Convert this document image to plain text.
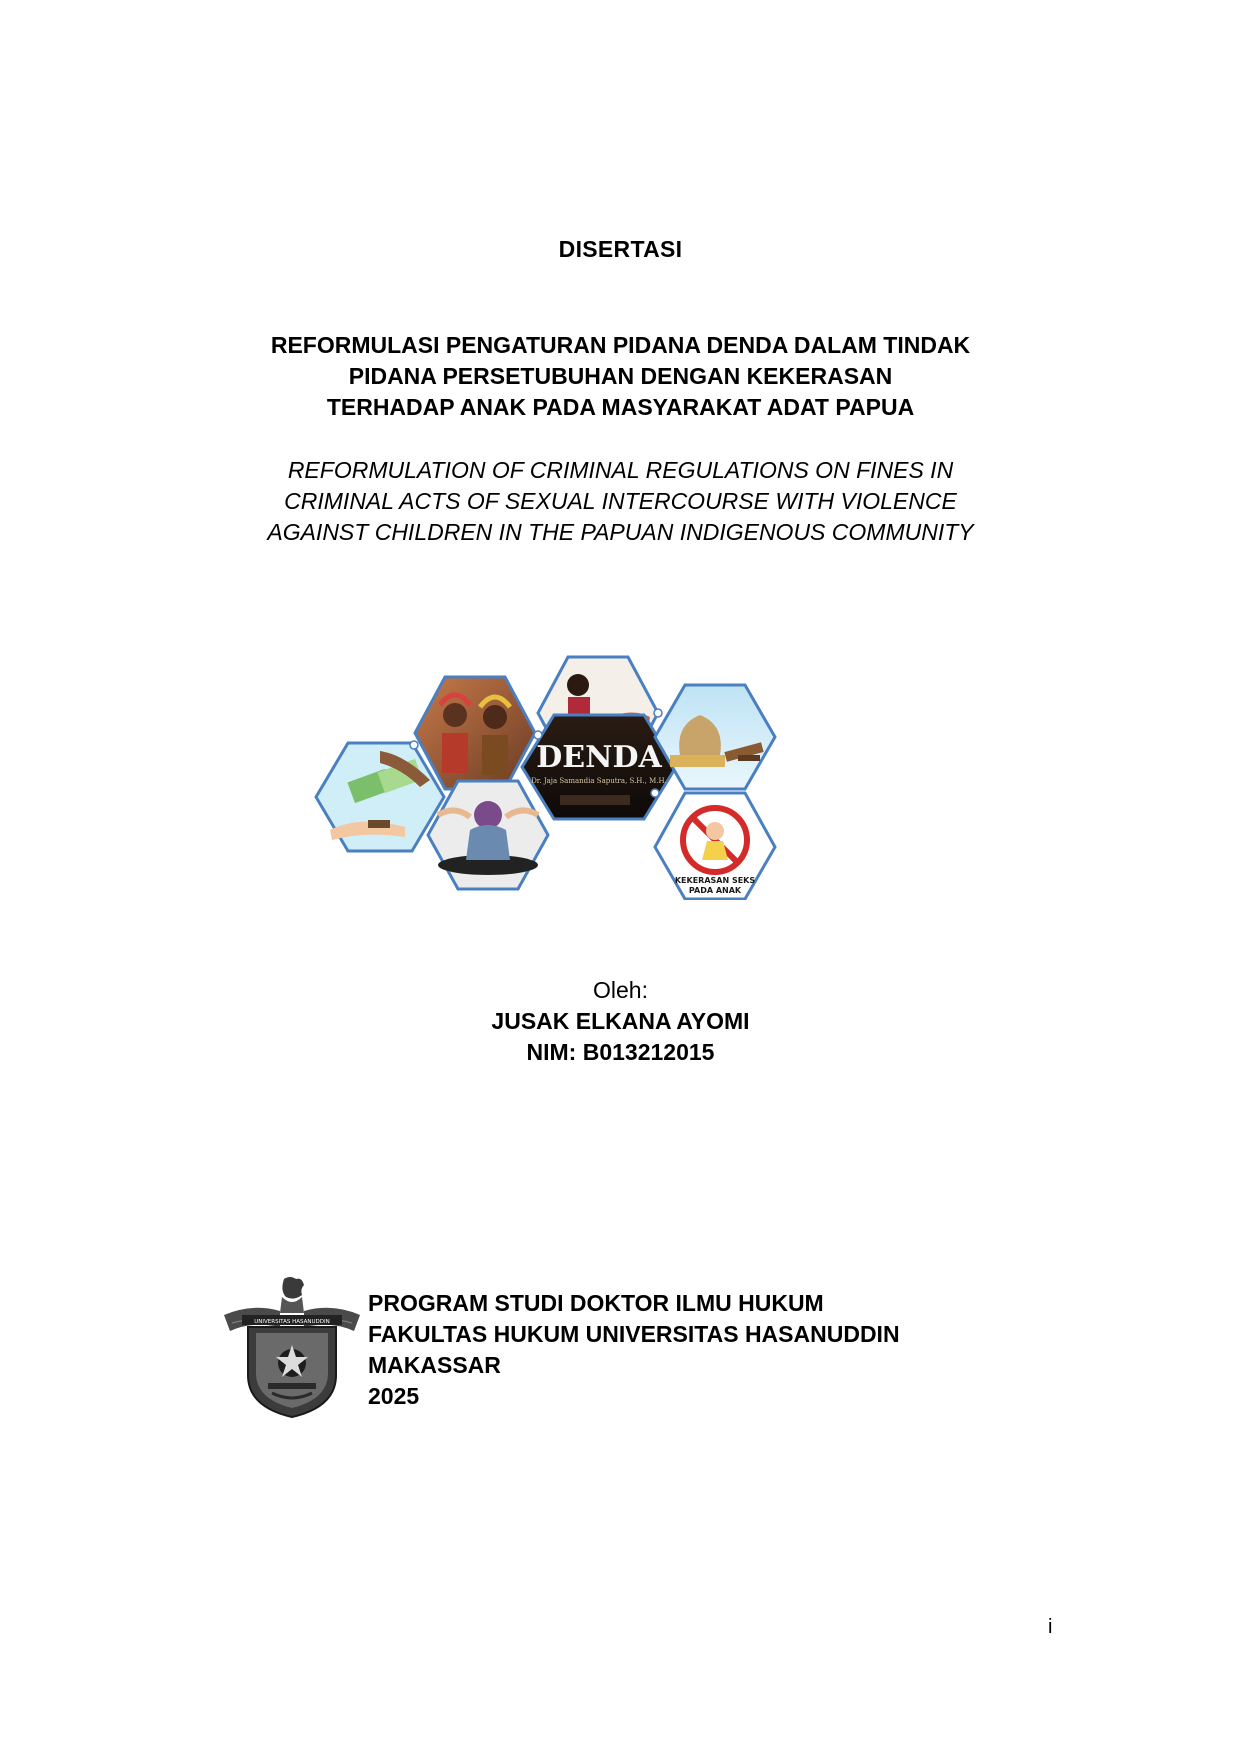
DISERTASI
REFORMULASI PENGATURAN PIDANA DENDA DALAM TINDAK
PIDANA PERSETUBUHAN DENGAN KEKERASAN
TERHADAP ANAK PADA MASYARAKAT ADAT PAPUA
REFORMULATION OF CRIMINAL REGULATIONS ON FINES IN
CRIMINAL ACTS OF SEXUAL INTERCOURSE WITH VIOLENCE
AGAINST CHILDREN IN THE PAPUAN INDIGENOUS COMMUNITY
DENDA
Dr. Jaja Samandia Saputra, S.H., M.H.
KEKERASAN SEKS
PADA ANAK
Oleh:
JUSAK ELKANA AYOMI
NIM: B013212015
UNIVERSITAS HASANUDDIN
PROGRAM STUDI DOKTOR ILMU HUKUM
FAKULTAS HUKUM UNIVERSITAS HASANUDDIN
MAKASSAR
2025
i
